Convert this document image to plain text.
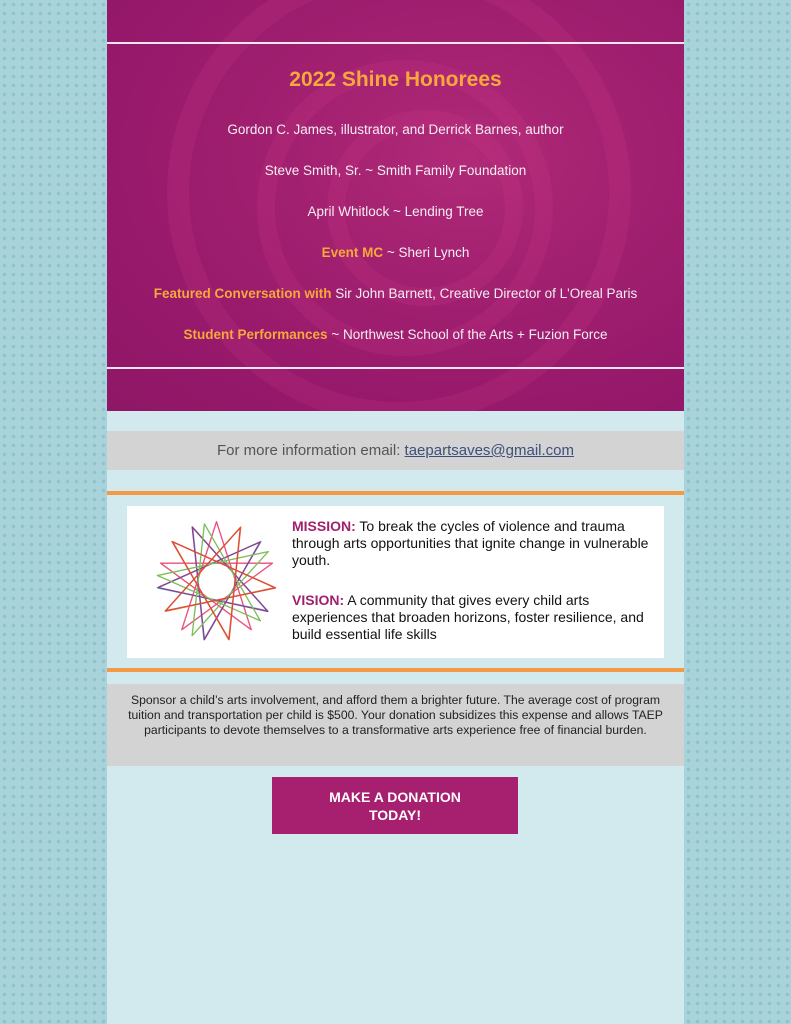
2022 Shine Honorees
Gordon C. James, illustrator, and Derrick Barnes, author
Steve Smith, Sr. ~ Smith Family Foundation
April Whitlock ~ Lending Tree
Event MC ~ Sheri Lynch
Featured Conversation with Sir John Barnett, Creative Director of L'Oreal Paris
Student Performances ~ Northwest School of the Arts + Fuzion Force
For more information email: taepartsaves@gmail.com

MISSION: To break the cycles of violence and trauma through arts opportunities that ignite change in vulnerable youth.

VISION: A community that gives every child arts experiences that broaden horizons, foster resilience, and build essential life skills

Sponsor a child’s arts involvement, and afford them a brighter future. The average cost of program tuition and transportation per child is $500. Your donation subsidizes this expense and allows TAEP participants to devote themselves to a transformative arts experience free of financial burden.

MAKE A DONATION TODAY!
